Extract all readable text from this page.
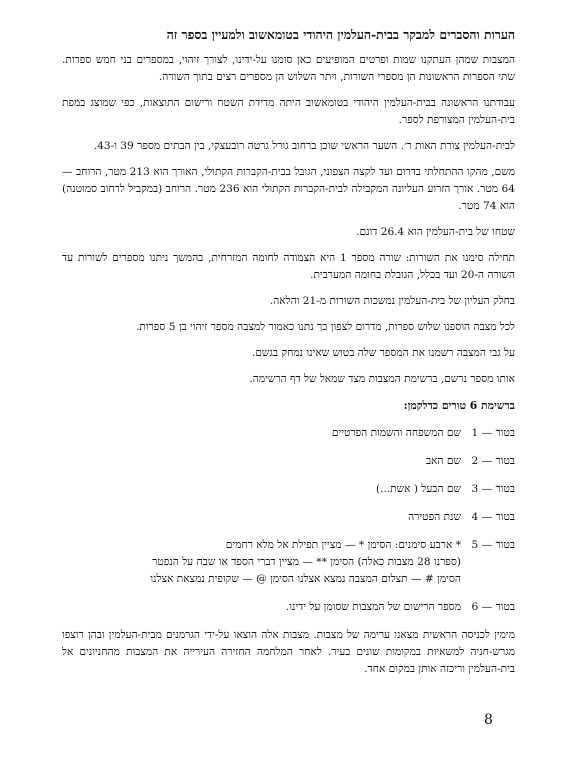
הערות והסברים למבקר בבית-העלמין היהודי בטומאשוב ולמעיין בספר זה
המצבות שמהן העתקנו שמות ופרטים המופיעים כאן סומנו על-ידינו, לצורך זיהוי, במספרים בני חמש ספרות. שתי הספרות הראשונות הן מספרי השורות, ויתר השלוש הן מספרים רצים בתוך השורה.
עבודתנו הראשונה בבית-העלמין היהודי בטומאשוב היתה מדידת השטח ורישום התוצאות, כפי שמוצג במפת בית-העלמין המצורפת לספר.
לבית-העלמין צורת האות ר׳. השער הראשי שוכן ברחוב גורל גרטה רובעצקי, בין הבתים מספר 39 ו-43.
משם, מהקו ההתחלתי בדרום ועד לקצה הצפוני, הגובל בבית-הקברות הקתולי, האורך הוא 213 מטר, הרוחב — 64 מטר. אורך הזרוע העליונה המקבילה לבית-הקברות הקתולי הוא 236 מטר. הרוחב (במקביל לרחוב סמוטנה) הוא 74 מטר.
שטחו של בית-העלמין הוא 26.4 דונם.
תחילה סימנו את השורות: שורה מספר 1 היא הצמודה לחומה המזרחית, בהמשך ניתנו מספרים לשורות עד השורה ה-20 ועד בכלל, הגובלת בחומה המערבית.
בחלק העליון של בית-העלמין נמשכות השורות מ-21 והלאה.
לכל מצבה הוספנו שלוש ספרות, מדרום לצפון כך נתנו כאמור למצבה מספר זיהוי בן 5 ספרות.
על גבי המצבה רשמנו את המספר שלה בטוש שאינו נמחק בגשם.
אותו מספר נרשם, ברשימת המצבות מצד שמאל של דף הרשימה.
ברשימת 6 טורים כדלקמן:
בטור — 1
שם המשפחה והשמות הפרטיים
בטור — 2
שם האב
בטור — 3
שם הבעל ( אשת...)
בטור — 4
שנת הפטירה
בטור — 5
* ארבע סימנים: הסימן * — מציין תפילת אל מלא רחמים
(ספרנו 28 מצבות כאלה) הסימן ** — מציין דברי הספד או שבח על הנפטר
הסימן # — תצלום המצבה נמצא אצלנו הסימן @ — שקופית נמצאת אצלנו
בטור — 6
מספר הרישום של המצבות שסומן על ידינו.
מימין לכניסה הראשית מצאנו ערימה של מצבות. מצבות אלה הוצאו על-ידי הגרמנים מבית-העלמין ובהן רוצפו מגרש-חניה למשאיות במקומות שונים בעיר. לאחר המלחמה החזירה העירייה את המצבות מהחניונים אל בית-העלמין וריכזה אותן במקום אחד.
8
